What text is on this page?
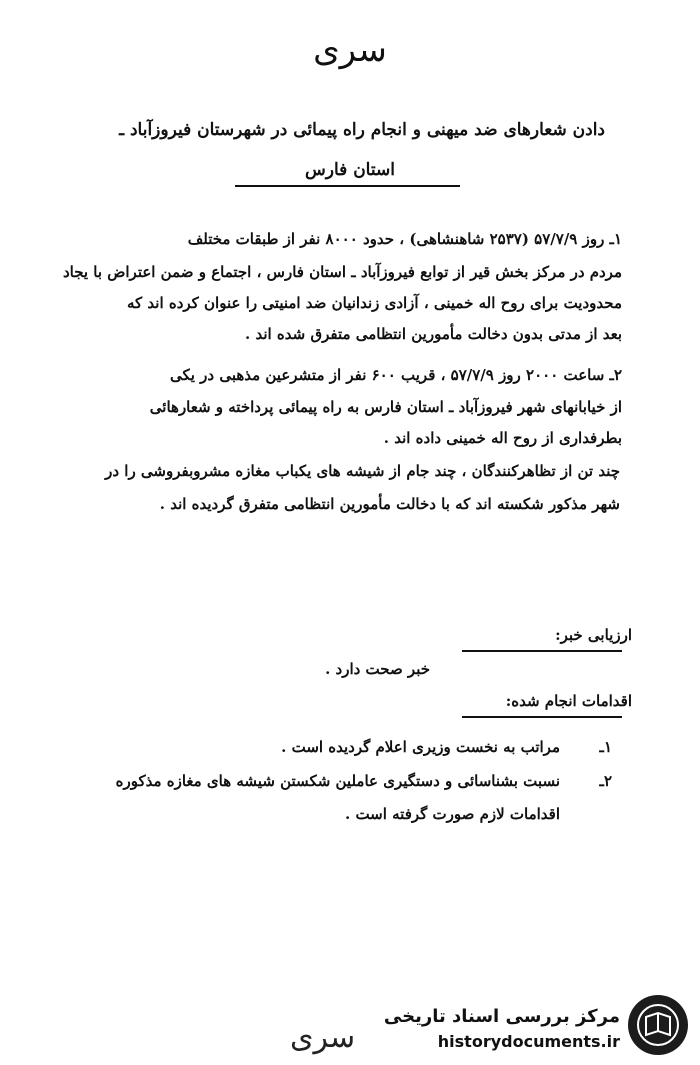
سری
دادن شعارهای ضد میهنی و انجام راه پیمائی در شهرستان فیروزآباد ـ
استان فارس
۱ـ روز ۵۷/۷/۹ (۲۵۳۷ شاهنشاهی) ، حدود ۸۰۰۰ نفر از طبقات مختلف
مردم در مرکز بخش قیر از توابع فیروزآباد ـ استان فارس ، اجتماع و ضمن اعتراض با یجاد
محدودیت برای روح اله خمینی ، آزادی زندانیان ضد امنیتی را عنوان کرده اند که
بعد از مدتی بدون دخالت مأمورین انتظامی متفرق شده اند .
۲ـ ساعت ۲۰۰۰ روز ۵۷/۷/۹ ، قریب ۶۰۰ نفر از متشرعین مذهبی در یکی
از خیابانهای شهر فیروزآباد ـ استان فارس به راه پیمائی پرداخته و شعارهائی
بطرفداری از روح اله خمینی داده اند .
چند تن از تظاهرکنندگان ، چند جام از شیشه های یکباب مغازه مشروبفروشی را در
شهر مذکور شکسته اند که با دخالت مأمورین انتظامی متفرق گردیده اند .
ارزیابی خبر:
خبر صحت دارد .
اقدامات انجام شده:
۱ـ
مراتب به نخست وزیری اعلام گردیده است .
۲ـ
نسبت بشناسائی و دستگیری عاملین شکستن شیشه های مغازه مذکوره
اقدامات لازم صورت گرفته است .
سری
مرکز بررسی اسناد تاریخی
historydocuments.ir
